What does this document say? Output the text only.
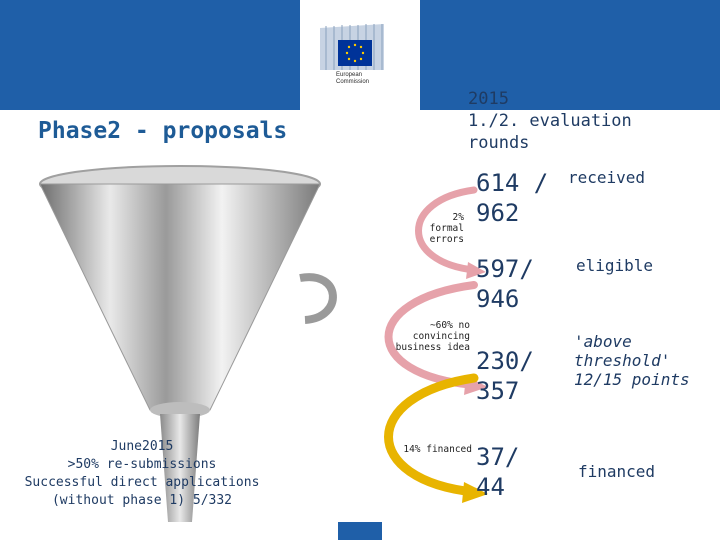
European
Commission
Phase2 - proposals
2015
1./2. evaluation
rounds
June2015
>50% re-submissions
Successful direct applications
(without phase 1) 5/332
2%
formal
errors
~60% no
convincing
business idea
14% financed
614 /
962
received
597/
946
eligible
230/
357
'above
threshold'
12/15 points
37/
44
financed
